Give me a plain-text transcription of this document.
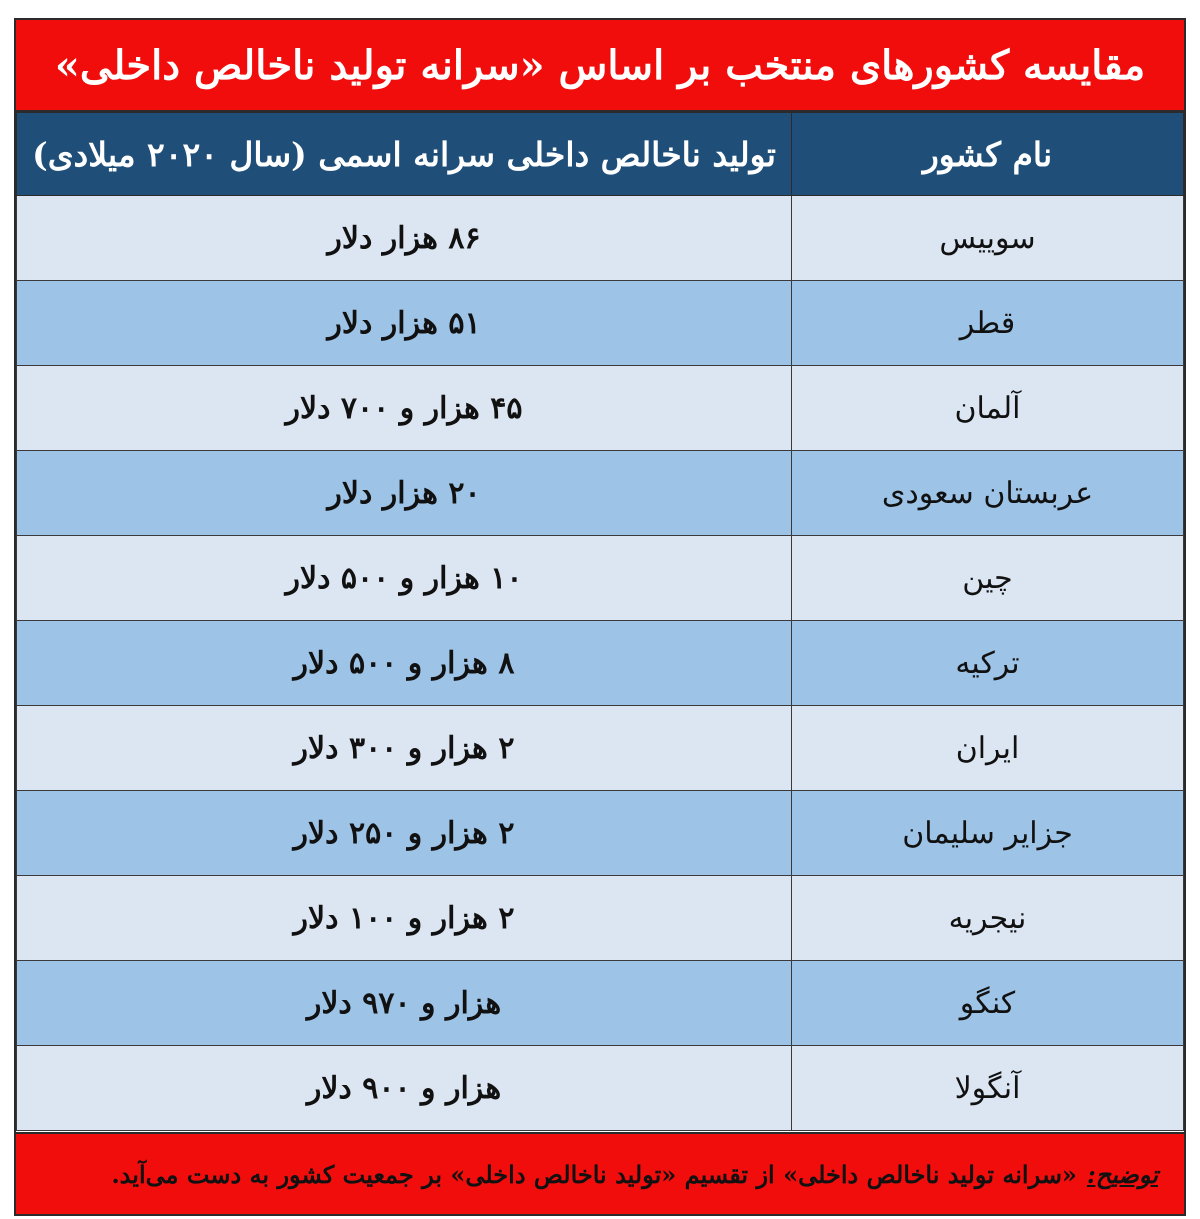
مقایسه کشورهای منتخب بر اساس «سرانه تولید ناخالص داخلی»
نام کشور	تولید ناخالص داخلی سرانه اسمی (سال ۲۰۲۰ میلادی)
سوییس	۸۶ هزار دلار
قطر	۵۱ هزار دلار
آلمان	۴۵ هزار و ۷۰۰ دلار
عربستان سعودی	۲۰ هزار دلار
چین	۱۰ هزار و ۵۰۰ دلار
ترکیه	۸ هزار و ۵۰۰ دلار
ایران	۲ هزار و ۳۰۰ دلار
جزایر سلیمان	۲ هزار و ۲۵۰ دلار
نیجریه	۲ هزار و ۱۰۰ دلار
کنگو	هزار و ۹۷۰ دلار
آنگولا	هزار و ۹۰۰ دلار
توضیح:
«سرانه تولید ناخالص داخلی» از تقسیم «تولید ناخالص داخلی» بر جمعیت کشور به دست می‌آید.
